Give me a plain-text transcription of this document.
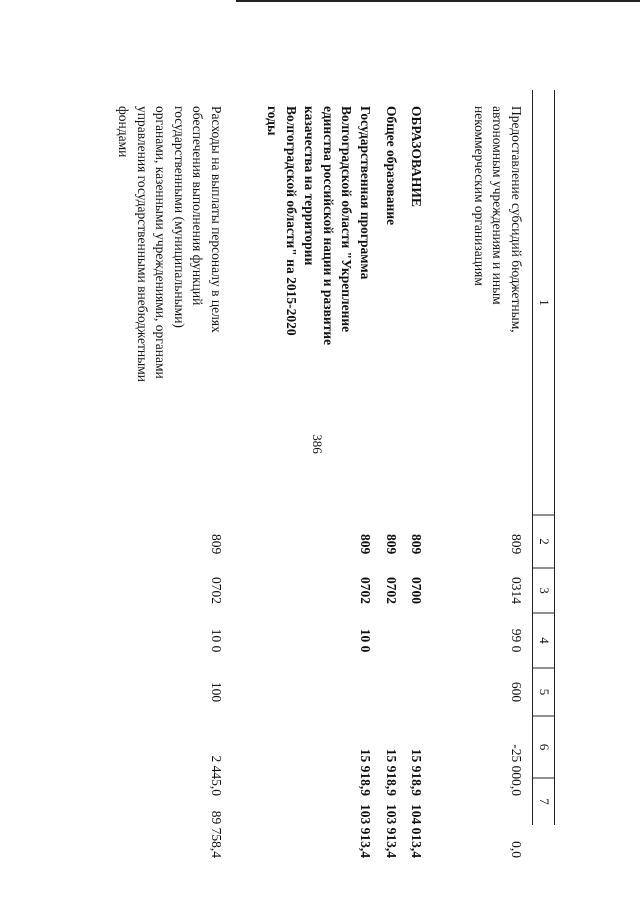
386
1
2
3
4
5
6
7
Предоставление субсидий бюджетным, автономным учреждениям и иным некоммерческим организациям
809
0314
99 0
600
-25 000,0
0,0
ОБРАЗОВАНИЕ
809
0700
15 918,9
104 013,4
Общее образование
809
0702
15 918,9
103 913,4
Государственная программа Волгоградской области "Укрепление единства российской нации и развитие казачества на территории Волгоградской области" на 2015-2020 годы
809
0702
10 0
15 918,9
103 913,4
Расходы на выплаты персоналу в целях обеспечения выполнения функций государственными (муниципальными) органами, казенными учреждениями, органами управления государственными внебюджетными фондами
809
0702
10 0
100
2 445,0
89 758,4
